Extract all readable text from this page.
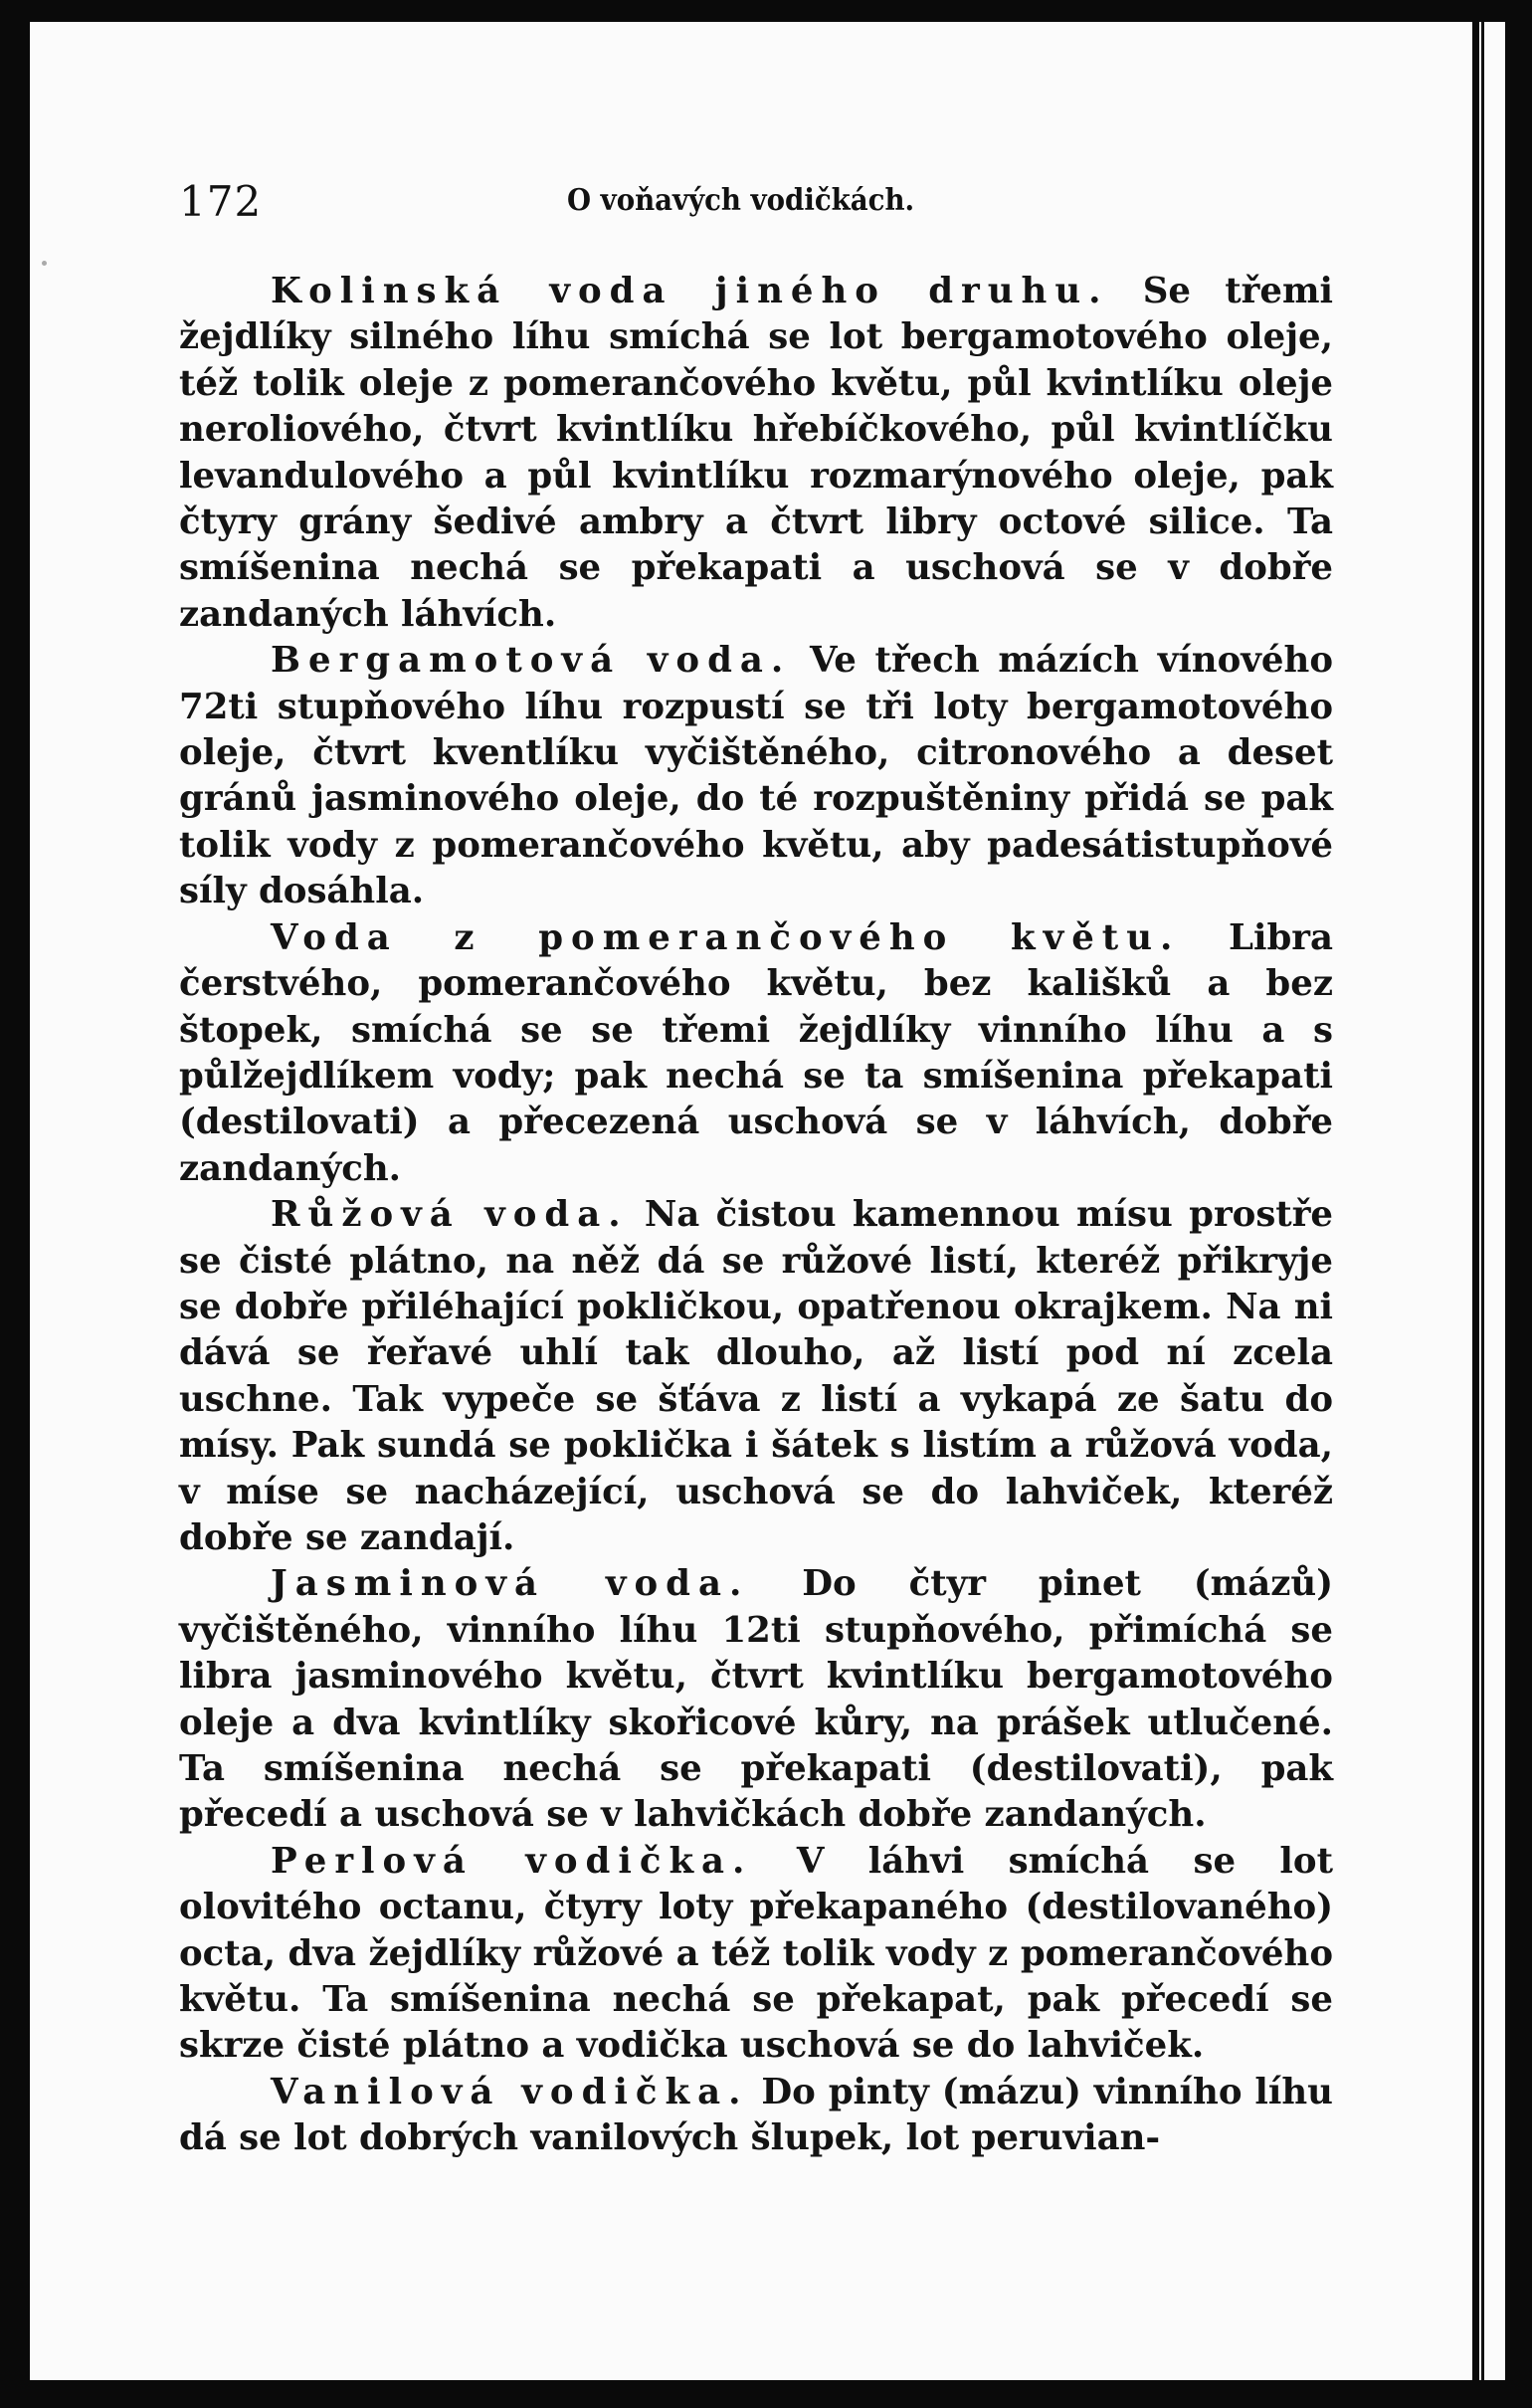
172	O voňavých vodičkách.

Kolinská voda jiného druhu. Se třemi žejdlíky silného líhu smíchá se lot bergamotového oleje, též tolik oleje z pomerančového květu, půl kvintlíku oleje neroliového, čtvrt kvintlíku hřebíčkového, půl kvintlíčku levandulového a půl kvintlíku rozmarýnového oleje, pak čtyry grány šedivé ambry a čtvrt libry octové silice. Ta smíšenina nechá se překapati a uschová se v dobře zandaných láhvích.

Bergamotová voda. Ve třech mázích vínového 72ti stupňového líhu rozpustí se tři loty bergamotového oleje, čtvrt kventlíku vyčištěného, citronového a deset gránů jasminového oleje, do té rozpuštěniny přidá se pak tolik vody z pomerančového květu, aby padesátistupňové síly dosáhla.

Voda z pomerančového květu. Libra čerstvého, pomerančového květu, bez kališků a bez štopek, smíchá se se třemi žejdlíky vinního líhu a s půlžejdlíkem vody; pak nechá se ta smíšenina překapati (destilovati) a přecezená uschová se v láhvích, dobře zandaných.

Růžová voda. Na čistou kamennou mísu prostře se čisté plátno, na něž dá se růžové listí, kteréž přikryje se dobře přiléhající pokličkou, opatřenou okrajkem. Na ni dává se řeřavé uhlí tak dlouho, až listí pod ní zcela uschne. Tak vypeče se šťáva z listí a vykapá ze šatu do mísy. Pak sundá se poklička i šátek s listím a růžová voda, v míse se nacházející, uschová se do lahviček, kteréž dobře se zandají.

Jasminová voda. Do čtyr pinet (mázů) vyčištěného, vinního líhu 12ti stupňového, přimíchá se libra jasminového květu, čtvrt kvintlíku bergamotového oleje a dva kvintlíky skořicové kůry, na prášek utlučené. Ta smíšenina nechá se překapati (destilovati), pak přecedí a uschová se v lahvičkách dobře zandaných.

Perlová vodička. V láhvi smíchá se lot olovitého octanu, čtyry loty překapaného (destilovaného) octa, dva žejdlíky růžové a též tolik vody z pomerančového květu. Ta smíšenina nechá se překapat, pak přecedí se skrze čisté plátno a vodička uschová se do lahviček.

Vanilová vodička. Do pinty (mázu) vinního líhu dá se lot dobrých vanilových šlupek, lot peruvian-
